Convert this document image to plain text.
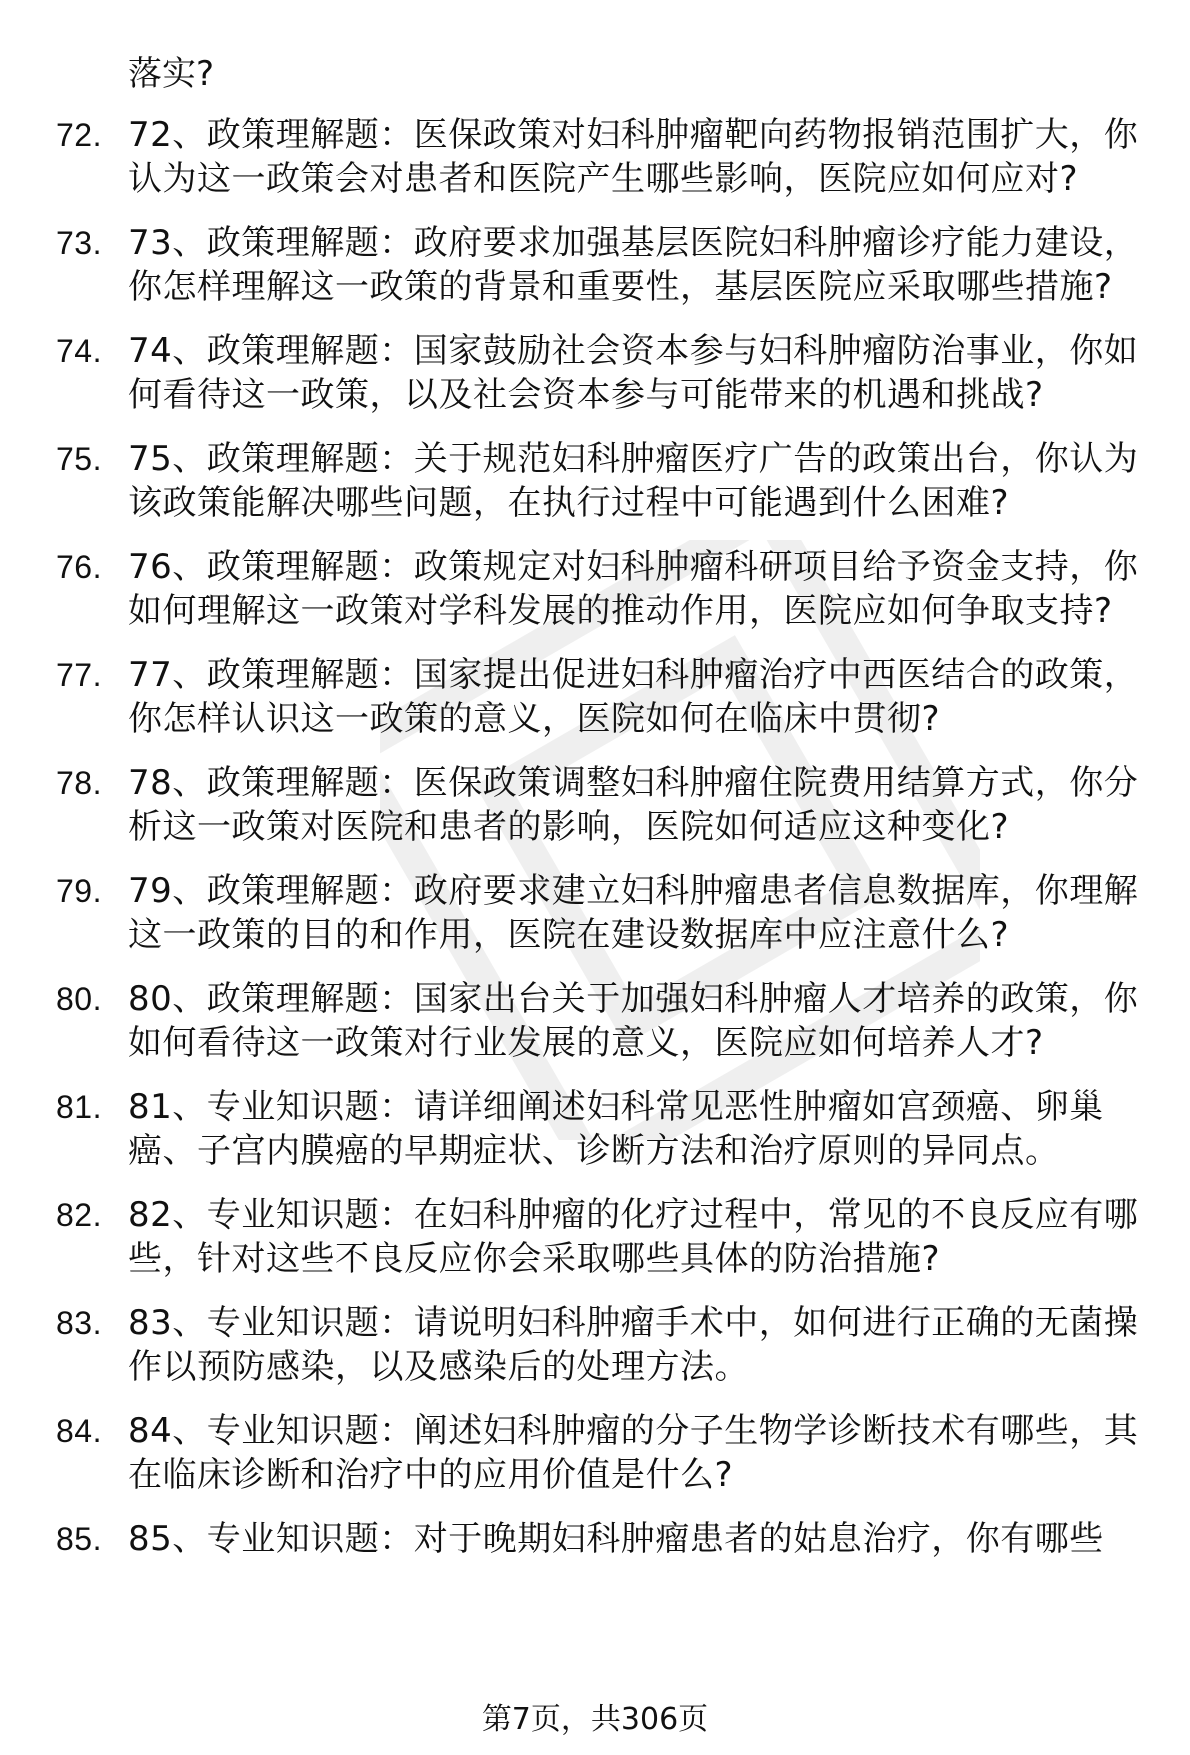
落实?
72. 72、政策理解题：医保政策对妇科肿瘤靶向药物报销范围扩大，你认为这一政策会对患者和医院产生哪些影响，医院应如何应对?
73. 73、政策理解题：政府要求加强基层医院妇科肿瘤诊疗能力建设，你怎样理解这一政策的背景和重要性，基层医院应采取哪些措施?
74. 74、政策理解题：国家鼓励社会资本参与妇科肿瘤防治事业，你如何看待这一政策，以及社会资本参与可能带来的机遇和挑战?
75. 75、政策理解题：关于规范妇科肿瘤医疗广告的政策出台，你认为该政策能解决哪些问题，在执行过程中可能遇到什么困难?
76. 76、政策理解题：政策规定对妇科肿瘤科研项目给予资金支持，你如何理解这一政策对学科发展的推动作用，医院应如何争取支持?
77. 77、政策理解题：国家提出促进妇科肿瘤治疗中西医结合的政策，你怎样认识这一政策的意义，医院如何在临床中贯彻?
78. 78、政策理解题：医保政策调整妇科肿瘤住院费用结算方式，你分析这一政策对医院和患者的影响，医院如何适应这种变化?
79. 79、政策理解题：政府要求建立妇科肿瘤患者信息数据库，你理解这一政策的目的和作用，医院在建设数据库中应注意什么?
80. 80、政策理解题：国家出台关于加强妇科肿瘤人才培养的政策，你如何看待这一政策对行业发展的意义，医院应如何培养人才?
81. 81、专业知识题：请详细阐述妇科常见恶性肿瘤如宫颈癌、卵巢癌、子宫内膜癌的早期症状、诊断方法和治疗原则的异同点。
82. 82、专业知识题：在妇科肿瘤的化疗过程中，常见的不良反应有哪些，针对这些不良反应你会采取哪些具体的防治措施?
83. 83、专业知识题：请说明妇科肿瘤手术中，如何进行正确的无菌操作以预防感染，以及感染后的处理方法。
84. 84、专业知识题：阐述妇科肿瘤的分子生物学诊断技术有哪些，其在临床诊断和治疗中的应用价值是什么?
85. 85、专业知识题：对于晚期妇科肿瘤患者的姑息治疗，你有哪些
第7页，共306页
